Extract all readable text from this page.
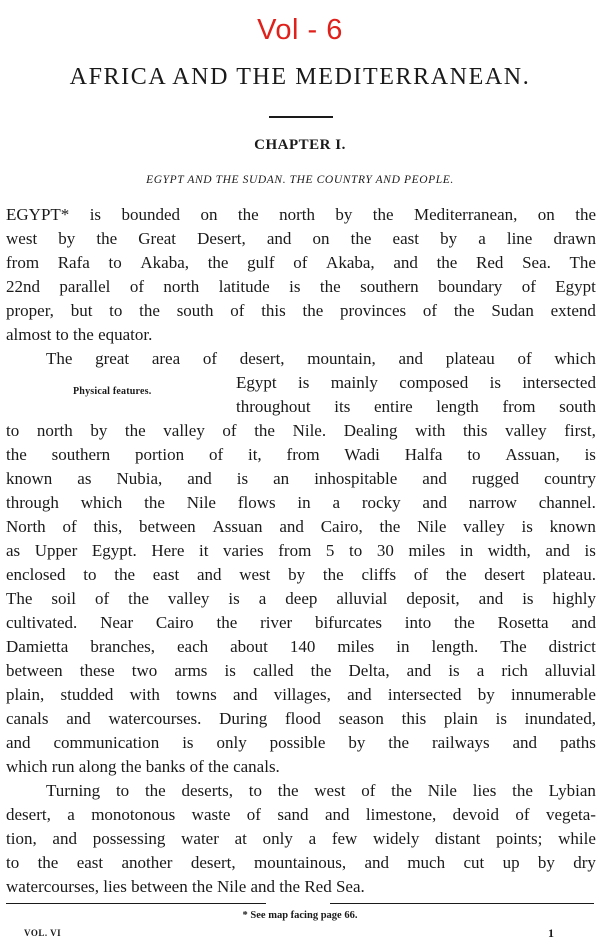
Vol - 6
AFRICA AND THE MEDITERRANEAN.
CHAPTER I.
EGYPT AND THE SUDAN. THE COUNTRY AND PEOPLE.
EGYPT* is bounded on the north by the Mediterranean, on the
west by the Great Desert, and on the east by a line drawn
from Rafa to Akaba, the gulf of Akaba, and the Red Sea. The
22nd parallel of north latitude is the southern boundary of Egypt
proper, but to the south of this the provinces of the Sudan extend
almost to the equator.
The great area of desert, mountain, and plateau of which
Physical features.	Egypt is mainly composed is intersected
throughout its entire length from south
to north by the valley of the Nile. Dealing with this valley first,
the southern portion of it, from Wadi Halfa to Assuan, is
known as Nubia, and is an inhospitable and rugged country
through which the Nile flows in a rocky and narrow channel.
North of this, between Assuan and Cairo, the Nile valley is known
as Upper Egypt. Here it varies from 5 to 30 miles in width, and is
enclosed to the east and west by the cliffs of the desert plateau.
The soil of the valley is a deep alluvial deposit, and is highly
cultivated. Near Cairo the river bifurcates into the Rosetta and
Damietta branches, each about 140 miles in length. The district
between these two arms is called the Delta, and is a rich alluvial
plain, studded with towns and villages, and intersected by innumerable
canals and watercourses. During flood season this plain is inundated,
and communication is only possible by the railways and paths
which run along the banks of the canals.
Turning to the deserts, to the west of the Nile lies the Lybian
desert, a monotonous waste of sand and limestone, devoid of vegeta-
tion, and possessing water at only a few widely distant points; while
to the east another desert, mountainous, and much cut up by dry
watercourses, lies between the Nile and the Red Sea.
* See map facing page 66.
VOL. VI	1
